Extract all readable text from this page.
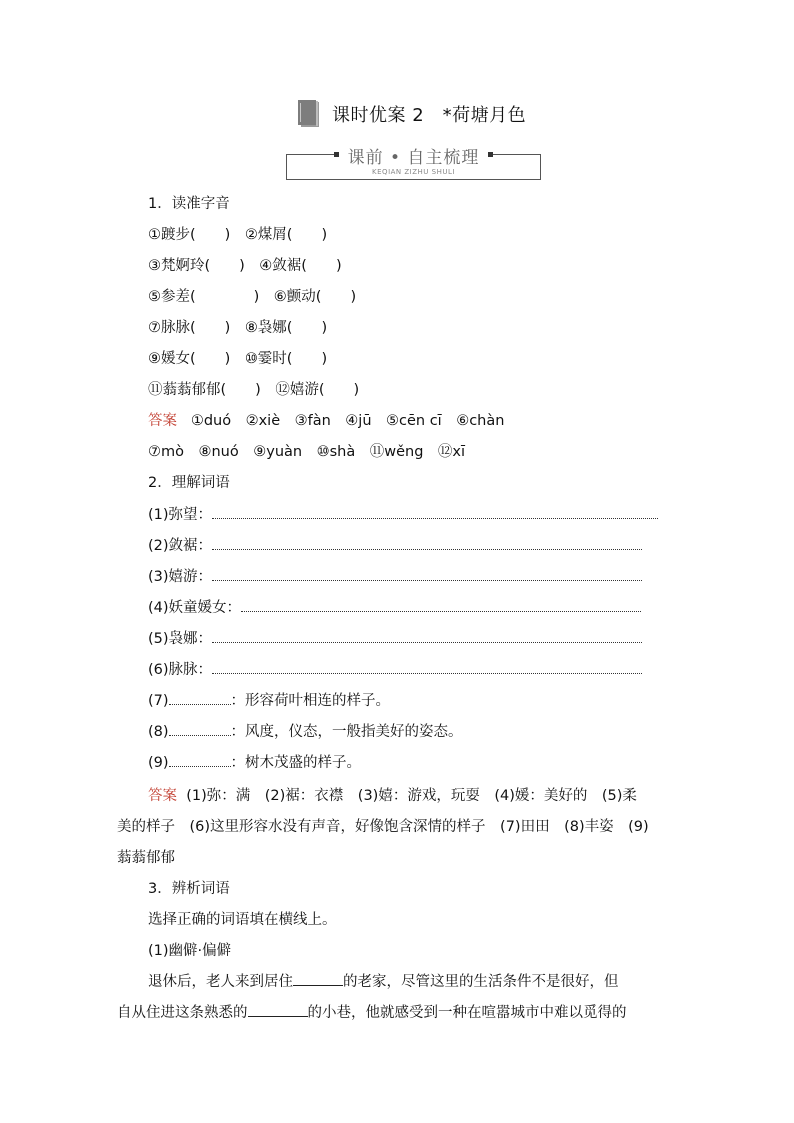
课时优案 2　*荷塘月色
课前 • 自主梳理
KEQIAN ZIZHU SHULI
1．读准字音
①踱步(　　)　②煤屑(　　)
③梵婀玲(　　)　④敛裾(　　)
⑤参差(　　　　)　⑥颤动(　　)
⑦脉脉(　　)　⑧袅娜(　　)
⑨媛女(　　)　⑩霎时(　　)
⑪蓊蓊郁郁(　　)　⑫嬉游(　　)
答案 ①duó　②xiè　③fàn　④jū　⑤cēn cī　⑥chàn
⑦mò　⑧nuó　⑨yuàn　⑩shà　⑪wěng　⑫xī
2．理解词语
(1)弥望：
(2)敛裾：
(3)嬉游：
(4)妖童媛女：
(5)袅娜：
(6)脉脉：
(7)	：形容荷叶相连的样子。
(8)	：风度，仪态，一般指美好的姿态。
(9)	：树木茂盛的样子。
答案 (1)弥：满　(2)裾：衣襟　(3)嬉：游戏，玩耍　(4)媛：美好的　(5)柔
美的样子　(6)这里形容水没有声音，好像饱含深情的样子　(7)田田　(8)丰姿　(9)
蓊蓊郁郁
3．辨析词语
选择正确的词语填在横线上。
(1)幽僻·偏僻
退休后，老人来到居住	的老家，尽管这里的生活条件不是很好，但
自从住进这条熟悉的	的小巷，他就感受到一种在喧嚣城市中难以觅得的
